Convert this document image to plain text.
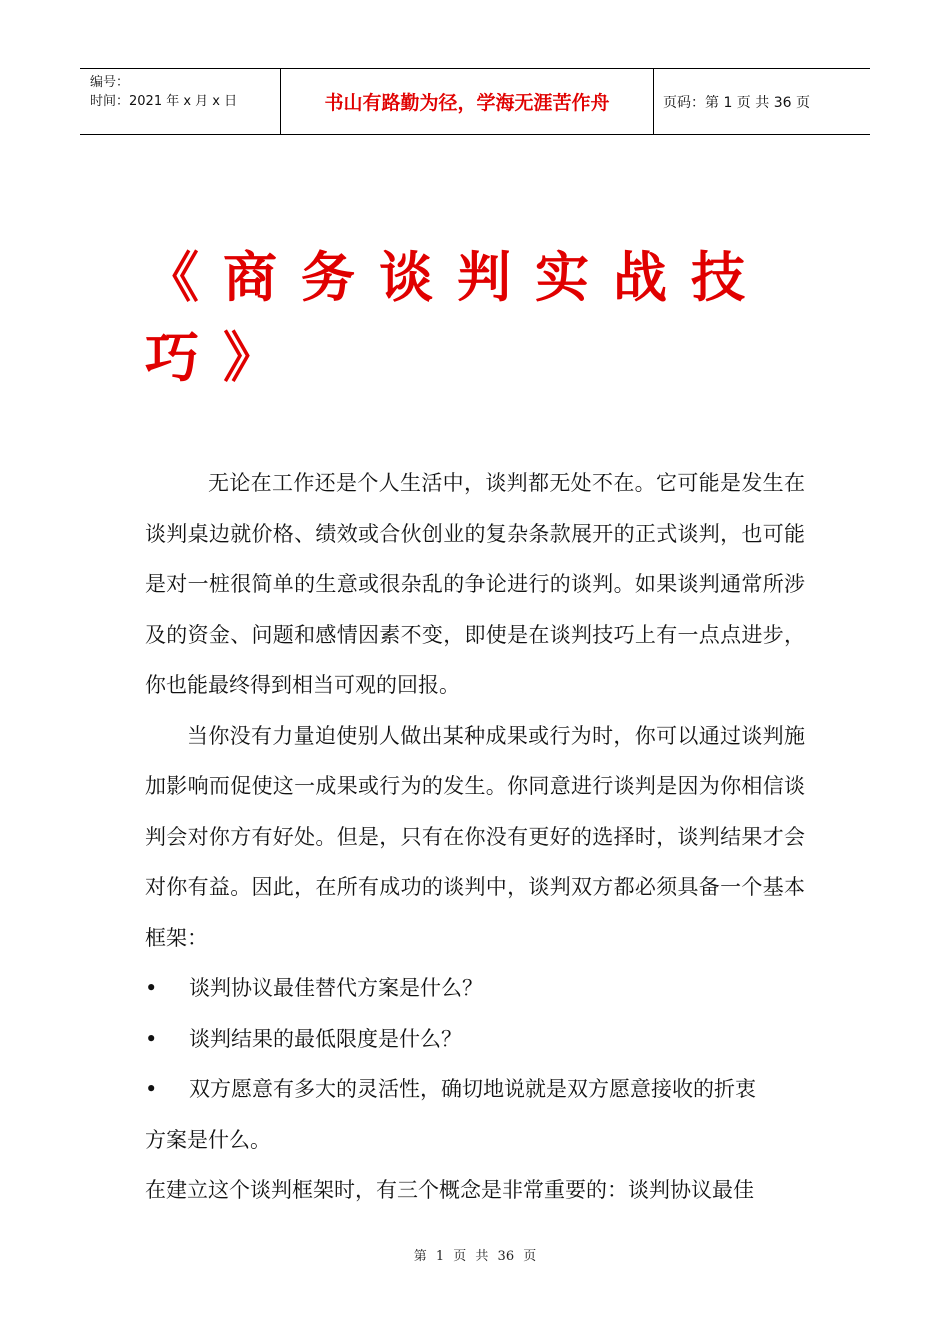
编号：
时间：2021 年 x 月 x 日	书山有路勤为径，学海无涯苦作舟	页码：第 1 页 共 36 页
《商务谈判实战技巧》

无论在工作还是个人生活中，谈判都无处不在。它可能是发生在谈判桌边就价格、绩效或合伙创业的复杂条款展开的正式谈判，也可能是对一桩很简单的生意或很杂乱的争论进行的谈判。如果谈判通常所涉及的资金、问题和感情因素不变，即使是在谈判技巧上有一点点进步，你也能最终得到相当可观的回报。

当你没有力量迫使别人做出某种成果或行为时，你可以通过谈判施加影响而促使这一成果或行为的发生。你同意进行谈判是因为你相信谈判会对你方有好处。但是，只有在你没有更好的选择时，谈判结果才会对你有益。因此，在所有成功的谈判中，谈判双方都必须具备一个基本框架：

•	谈判协议最佳替代方案是什么？
•	谈判结果的最低限度是什么？
•	双方愿意有多大的灵活性，确切地说就是双方愿意接收的折衷

方案是什么。

在建立这个谈判框架时，有三个概念是非常重要的：谈判协议最佳

第 1 页 共 36 页
